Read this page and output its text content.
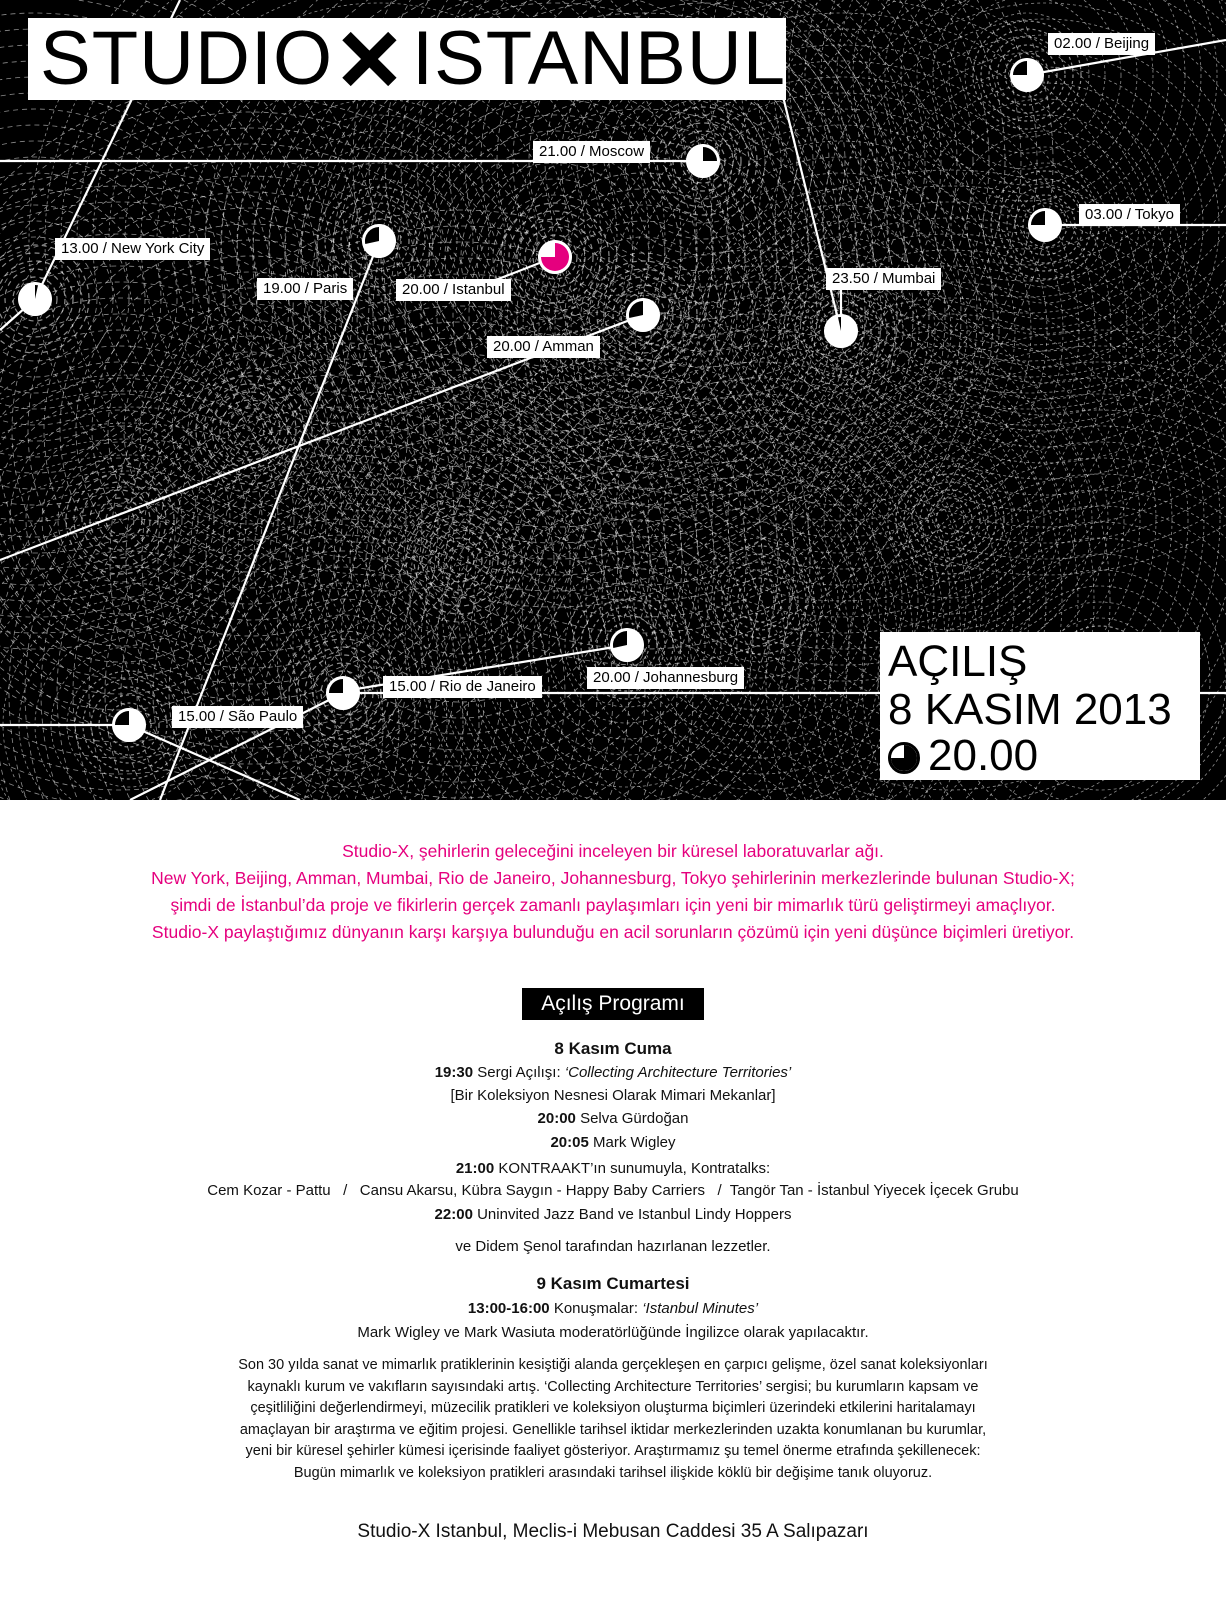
STUDIO ISTANBUL	02.00 / Beijing
21.00 / Moscow
03.00 / Tokyo
13.00 / New York City
19.00 / Paris	20.00 / Istanbul
23.50 / Mumbai
20.00 / Amman
20.00 / Johannesburg
15.00 / Rio de Janeiro
15.00 / São Paulo
AÇILIŞ
8 KASIM 2013
20.00
Studio-X, şehirlerin geleceğini inceleyen bir küresel laboratuvarlar ağı.
New York, Beijing, Amman, Mumbai, Rio de Janeiro, Johannesburg, Tokyo şehirlerinin merkezlerinde bulunan Studio-X;
şimdi de İstanbul’da proje ve fikirlerin gerçek zamanlı paylaşımları için yeni bir mimarlık türü geliştirmeyi amaçlıyor.
Studio-X paylaştığımız dünyanın karşı karşıya bulunduğu en acil sorunların çözümü için yeni düşünce biçimleri üretiyor.
Açılış Programı
8 Kasım Cuma
19:30 Sergi Açılışı: ‘Collecting Architecture Territories’
[Bir Koleksiyon Nesnesi Olarak Mimari Mekanlar]
20:00 Selva Gürdoğan
20:05 Mark Wigley
21:00 KONTRAAKT’ın sunumuyla, Kontratalks:
Cem Kozar - Pattu   /   Cansu Akarsu, Kübra Saygın - Happy Baby Carriers   /  Tangör Tan - İstanbul Yiyecek İçecek Grubu
22:00 Uninvited Jazz Band ve Istanbul Lindy Hoppers
ve Didem Şenol tarafından hazırlanan lezzetler.
9 Kasım Cumartesi
13:00-16:00 Konuşmalar: ‘Istanbul Minutes’
Mark Wigley ve Mark Wasiuta moderatörlüğünde İngilizce olarak yapılacaktır.
Son 30 yılda sanat ve mimarlık pratiklerinin kesiştiği alanda gerçekleşen en çarpıcı gelişme, özel sanat koleksiyonları
kaynaklı kurum ve vakıfların sayısındaki artış. ‘Collecting Architecture Territories’ sergisi; bu kurumların kapsam ve
çeşitliliğini değerlendirmeyi, müzecilik pratikleri ve koleksiyon oluşturma biçimleri üzerindeki etkilerini haritalamayı
amaçlayan bir araştırma ve eğitim projesi. Genellikle tarihsel iktidar merkezlerinden uzakta konumlanan bu kurumlar,
yeni bir küresel şehirler kümesi içerisinde faaliyet gösteriyor. Araştırmamız şu temel önerme etrafında şekillenecek:
Bugün mimarlık ve koleksiyon pratikleri arasındaki tarihsel ilişkide köklü bir değişime tanık oluyoruz.
Studio-X Istanbul, Meclis-i Mebusan Caddesi 35 A Salıpazarı
